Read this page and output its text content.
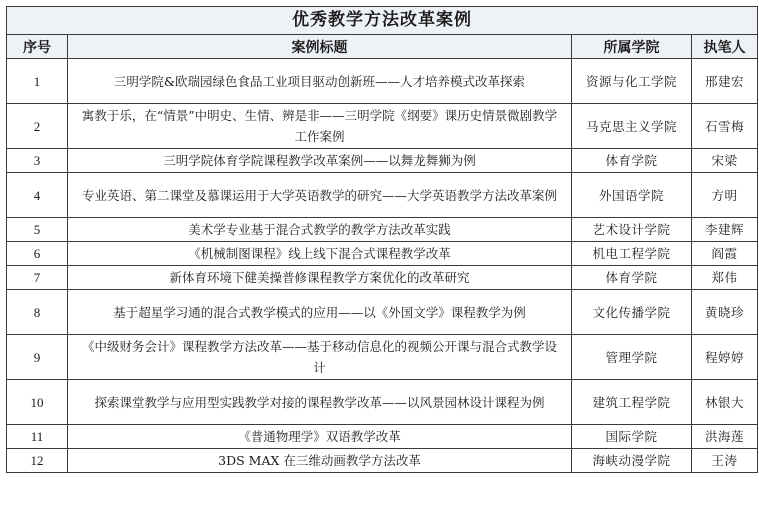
优秀教学方法改革案例			
序号	案例标题	所属学院	执笔人
1	三明学院&欧瑞园绿色食品工业项目驱动创新班——人才培养模式改革探索	资源与化工学院	邢建宏
2	寓教于乐，在“情景”中明史、生情、辨是非——三明学院《纲要》课历史情景微剧教学工作案例	马克思主义学院	石雪梅
3	三明学院体育学院课程教学改革案例——以舞龙舞狮为例	体育学院	宋梁
4	专业英语、第二课堂及慕课运用于大学英语教学的研究——大学英语教学方法改革案例	外国语学院	方明
5	美术学专业基于混合式教学的教学方法改革实践	艺术设计学院	李建辉
6	《机械制图课程》线上线下混合式课程教学改革	机电工程学院	阎霞
7	新体育环境下健美操普修课程教学方案优化的改革研究	体育学院	郑伟
8	基于超星学习通的混合式教学模式的应用——以《外国文学》课程教学为例	文化传播学院	黄晓珍
9	《中级财务会计》课程教学方法改革——基于移动信息化的视频公开课与混合式教学设计	管理学院	程婷婷
10	探索课堂教学与应用型实践教学对接的课程教学改革——以风景园林设计课程为例	建筑工程学院	林银大
11	《普通物理学》双语教学改革	国际学院	洪海莲
12	3DS MAX 在三维动画教学方法改革	海峡动漫学院	王涛
